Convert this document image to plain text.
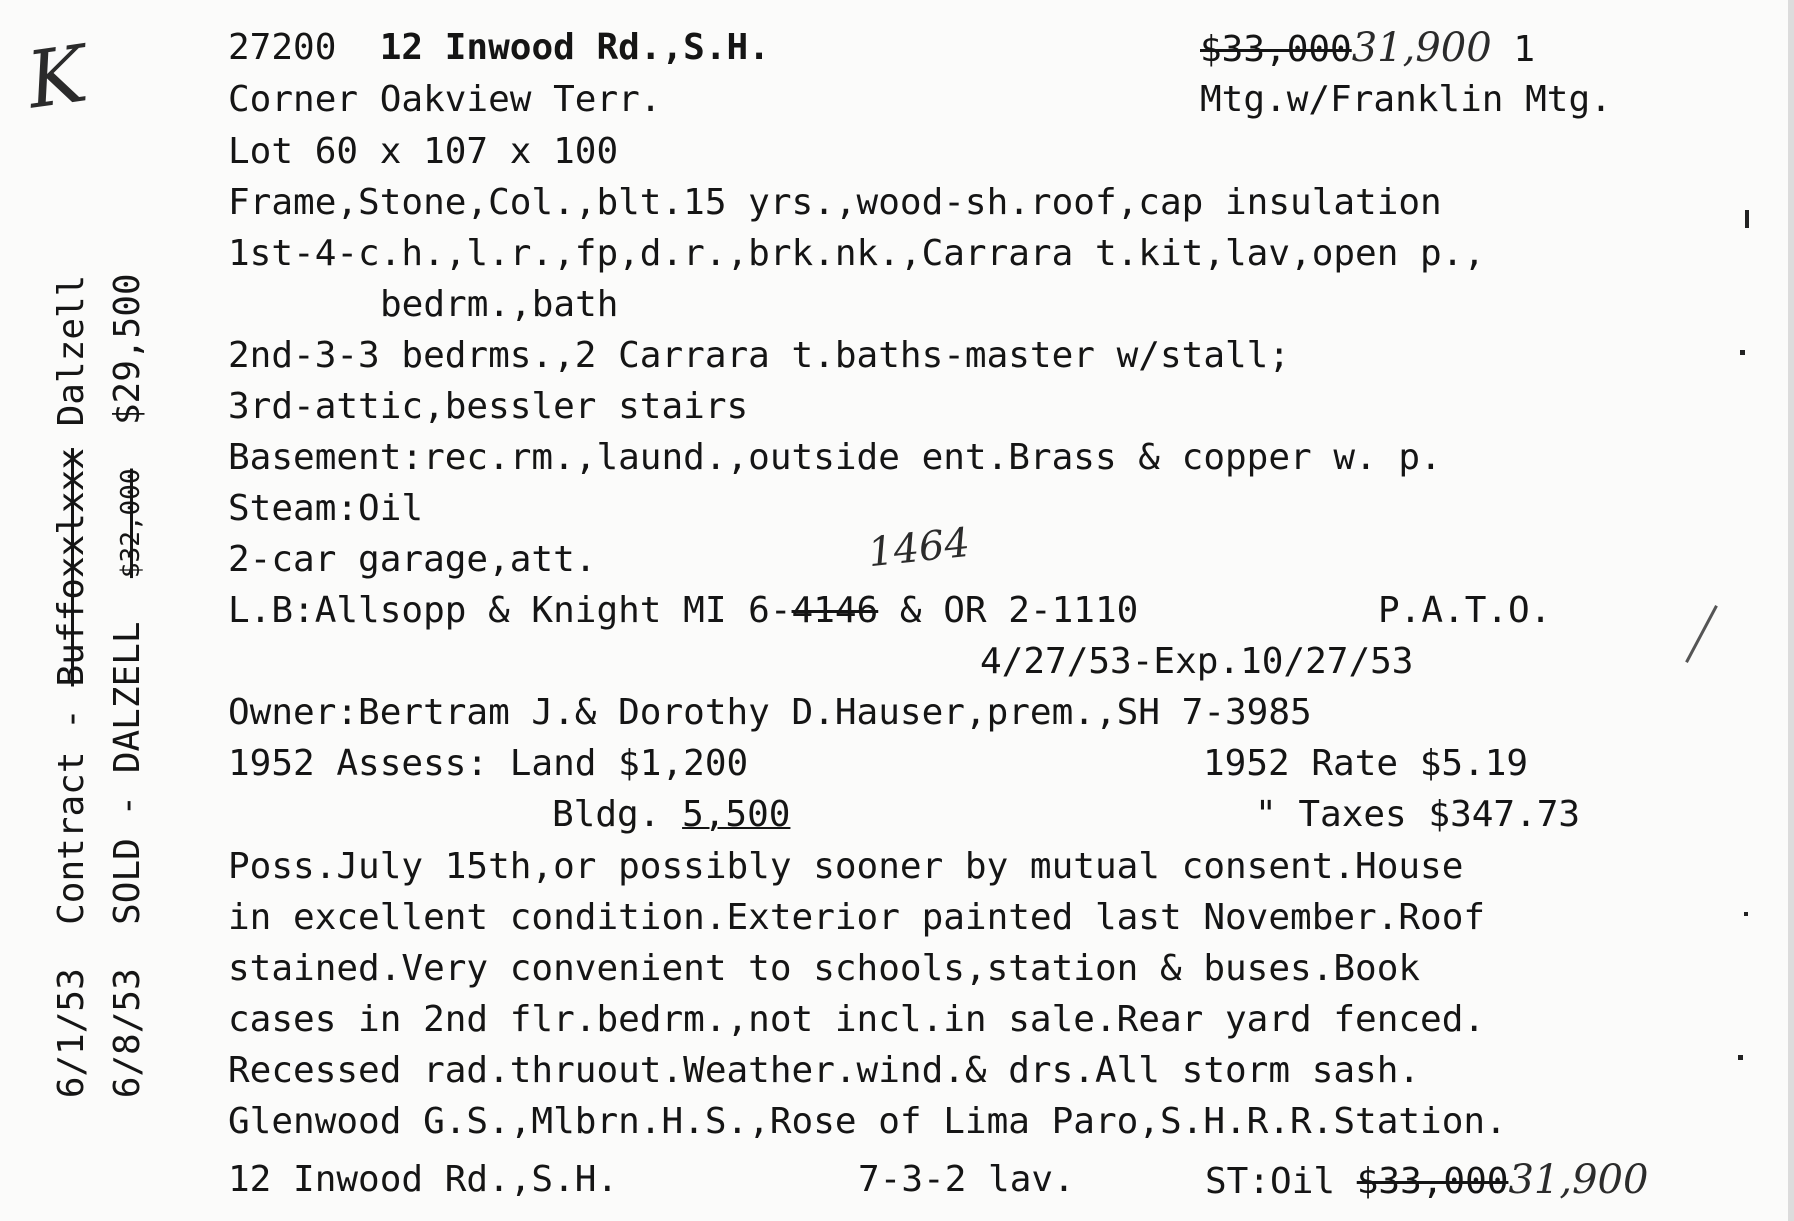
6/1/53  Contract - Buffoxxlxxx Dalzell

6/8/53  SOLD - DALZELL  $32,000  $29,500

K	27200 12 Inwood Rd.,S.H.	$33,00031,900 1
Corner Oakview Terr.	Mtg.w/Franklin Mtg.
Lot 60 x 107 x 100
Frame,Stone,Col.,blt.15 yrs.,wood-sh.roof,cap insulation
1st-4-c.h.,l.r.,fp,d.r.,brk.nk.,Carrara t.kit,lav,open p.,
bedrm.,bath
2nd-3-3 bedrms.,2 Carrara t.baths-master w/stall;
3rd-attic,bessler stairs
Basement:rec.rm.,laund.,outside ent.Brass & copper w. p.
Steam:Oil
2-car garage,att.	1464
L.B:Allsopp & Knight MI 6-4146 & OR 2-1110	P.A.T.O.
4/27/53-Exp.10/27/53
Owner:Bertram J.& Dorothy D.Hauser,prem.,SH 7-3985
1952 Assess: Land $1,200	1952 Rate $5.19
Bldg. 5,500	" Taxes $347.73
Poss.July 15th,or possibly sooner by mutual consent.House
in excellent condition.Exterior painted last November.Roof
stained.Very convenient to schools,station & buses.Book
cases in 2nd flr.bedrm.,not incl.in sale.Rear yard fenced.
Recessed rad.thruout.Weather.wind.& drs.All storm sash.
Glenwood G.S.,Mlbrn.H.S.,Rose of Lima Paro,S.H.R.R.Station.
12 Inwood Rd.,S.H.	7-3-2 lav.	ST:Oil $33,00031,900
